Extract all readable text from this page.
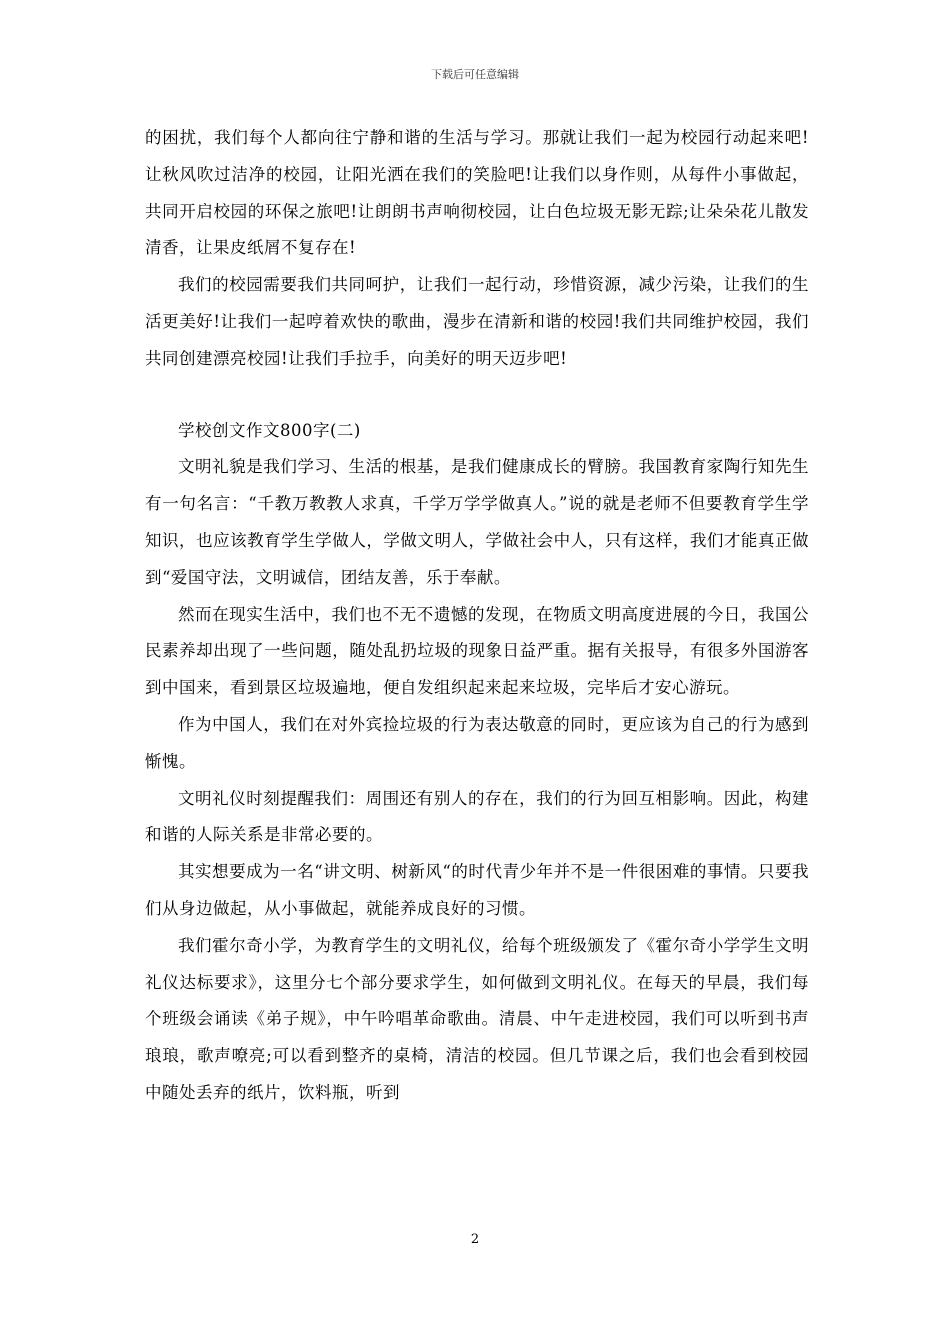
下载后可任意编辑

的困扰，我们每个人都向往宁静和谐的生活与学习。那就让我们一起为校园行动起来吧!让秋风吹过洁净的校园，让阳光洒在我们的笑脸吧!让我们以身作则，从每件小事做起，共同开启校园的环保之旅吧!让朗朗书声响彻校园，让白色垃圾无影无踪;让朵朵花儿散发清香，让果皮纸屑不复存在!

我们的校园需要我们共同呵护，让我们一起行动，珍惜资源，减少污染，让我们的生活更美好!让我们一起哼着欢快的歌曲，漫步在清新和谐的校园!我们共同维护校园，我们共同创建漂亮校园!让我们手拉手，向美好的明天迈步吧!

学校创文作文800字(二)

文明礼貌是我们学习、生活的根基，是我们健康成长的臂膀。我国教育家陶行知先生有一句名言：“千教万教教人求真，千学万学学做真人。”说的就是老师不但要教育学生学知识，也应该教育学生学做人，学做文明人，学做社会中人，只有这样，我们才能真正做到“爱国守法，文明诚信，团结友善，乐于奉献。

然而在现实生活中，我们也不无不遗憾的发现，在物质文明高度进展的今日，我国公民素养却出现了一些问题，随处乱扔垃圾的现象日益严重。据有关报导，有很多外国游客到中国来，看到景区垃圾遍地，便自发组织起来起来垃圾，完毕后才安心游玩。

作为中国人，我们在对外宾捡垃圾的行为表达敬意的同时，更应该为自己的行为感到惭愧。

文明礼仪时刻提醒我们：周围还有别人的存在，我们的行为回互相影响。因此，构建和谐的人际关系是非常必要的。

其实想要成为一名“讲文明、树新风“的时代青少年并不是一件很困难的事情。只要我们从身边做起，从小事做起，就能养成良好的习惯。

我们霍尔奇小学，为教育学生的文明礼仪，给每个班级颁发了《霍尔奇小学学生文明礼仪达标要求》，这里分七个部分要求学生，如何做到文明礼仪。在每天的早晨，我们每个班级会诵读《弟子规》，中午吟唱革命歌曲。清晨、中午走进校园，我们可以听到书声琅琅，歌声嘹亮;可以看到整齐的桌椅，清洁的校园。但几节课之后，我们也会看到校园中随处丢弃的纸片，饮料瓶，听到

2
